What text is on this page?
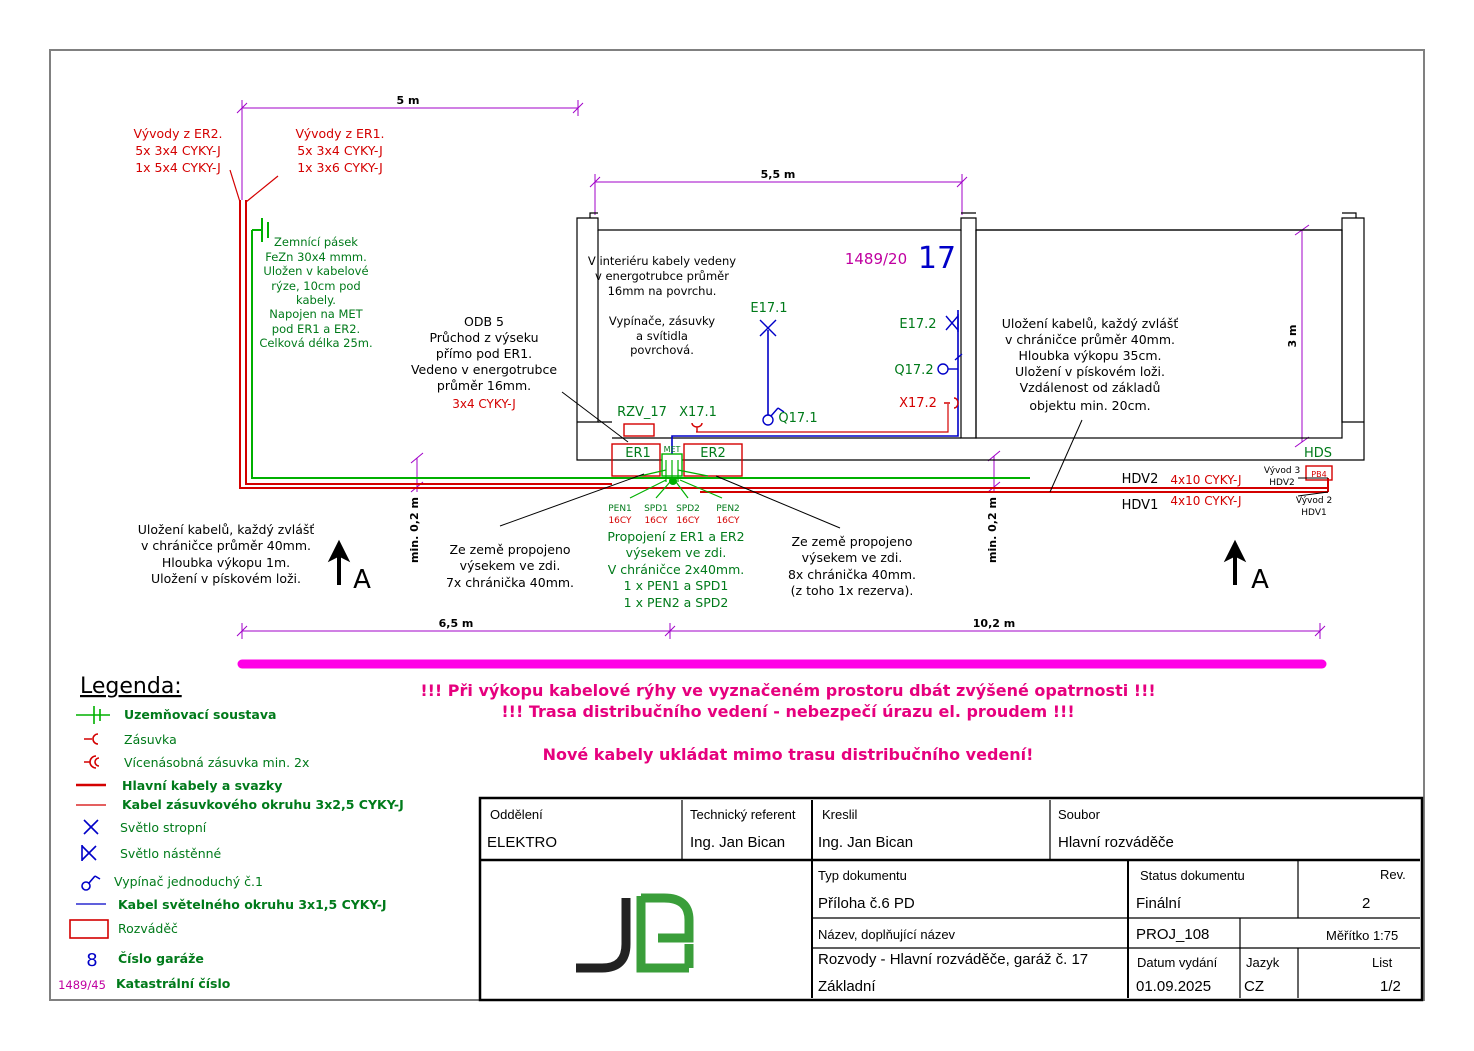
5 m
5,5 m
6,5 m	10,2 m
3 m
min. 0,2 m	min. 0,2 m
Vývody z ER2.
5x 3x4 CYKY-J
1x 5x4 CYKY-J
Vývody z ER1.
5x 3x4 CYKY-J
1x 3x6 CYKY-J
Zemnící pásek
FeZn 30x4 mmm.
Uložen v kabelové
rýze, 10cm pod
kabely.
Napojen na MET
pod ER1 a ER2.
Celková délka 25m.
ODB 5
Průchod z výseku
přímo pod ER1.
Vedeno v energotrubce
průměr 16mm.
3x4 CYKY-J
1489/20 17
V interiéru kabely vedeny
v energotrubce průměr
16mm na povrchu.
Vypínače, zásuvky
a svítidla
povrchová.
E17.1
Q17.1
E17.2
Q17.2
X17.2
RZV_17 X17.1
ER1	ER2
MET	HDS
Uložení kabelů, každý zvlášť
v chráničce průměr 40mm.
Hloubka výkopu 35cm.
Uložení v pískovém loži.
Vzdálenost od základů
objektu min. 20cm.
PEN1
16CY
SPD1
16CY
SPD2
16CY
PEN2
16CY
Uložení kabelů, každý zvlášť
v chráničce průměr 40mm.
Hloubka výkopu 1m.
Uložení v pískovém loži.
Ze země propojeno
výsekem ve zdi.
7x chránička 40mm.
Propojení z ER1 a ER2
výsekem ve zdi.
V chráničce 2x40mm.
1 x PEN1 a SPD1
1 x PEN2 a SPD2
Ze země propojeno
výsekem ve zdi.
8x chránička 40mm.
(z toho 1x rezerva).
HDV2
HDV1
4x10 CYKY-J
4x10 CYKY-J
Vývod 3
HDV2
Vývod 2
HDV1
PB4
A	A
!!! Při výkopu kabelové rýhy ve vyznačeném prostoru dbát zvýšené opatrnosti !!!
!!! Trasa distribučního vedení - nebezpečí úrazu el. proudem !!!
Nové kabely ukládat mimo trasu distribučního vedení!
Legenda:
Uzemňovací soustava
Zásuvka
Vícenásobná zásuvka min. 2x
Hlavní kabely a svazky
Kabel zásuvkového okruhu 3x2,5 CYKY-J
Světlo stropní
Světlo nástěnné
Vypínač jednoduchý č.1
Kabel světelného okruhu 3x1,5 CYKY-J
Rozváděč
Číslo garáže
Katastrální číslo
8
1489/45
Oddělení
ELEKTRO
Technický referent
Ing. Jan Bican
Kreslil
Ing. Jan Bican
Soubor
Hlavní rozváděče
Typ dokumentu
Příloha č.6 PD
Status dokumentu
Finální
Rev.
2
Název, doplňující název
Rozvody - Hlavní rozváděče, garáž č. 17
Základní
PROJ_108	Měřítko 1:75
Datum vydání
01.09.2025
Jazyk
CZ
List
1/2
